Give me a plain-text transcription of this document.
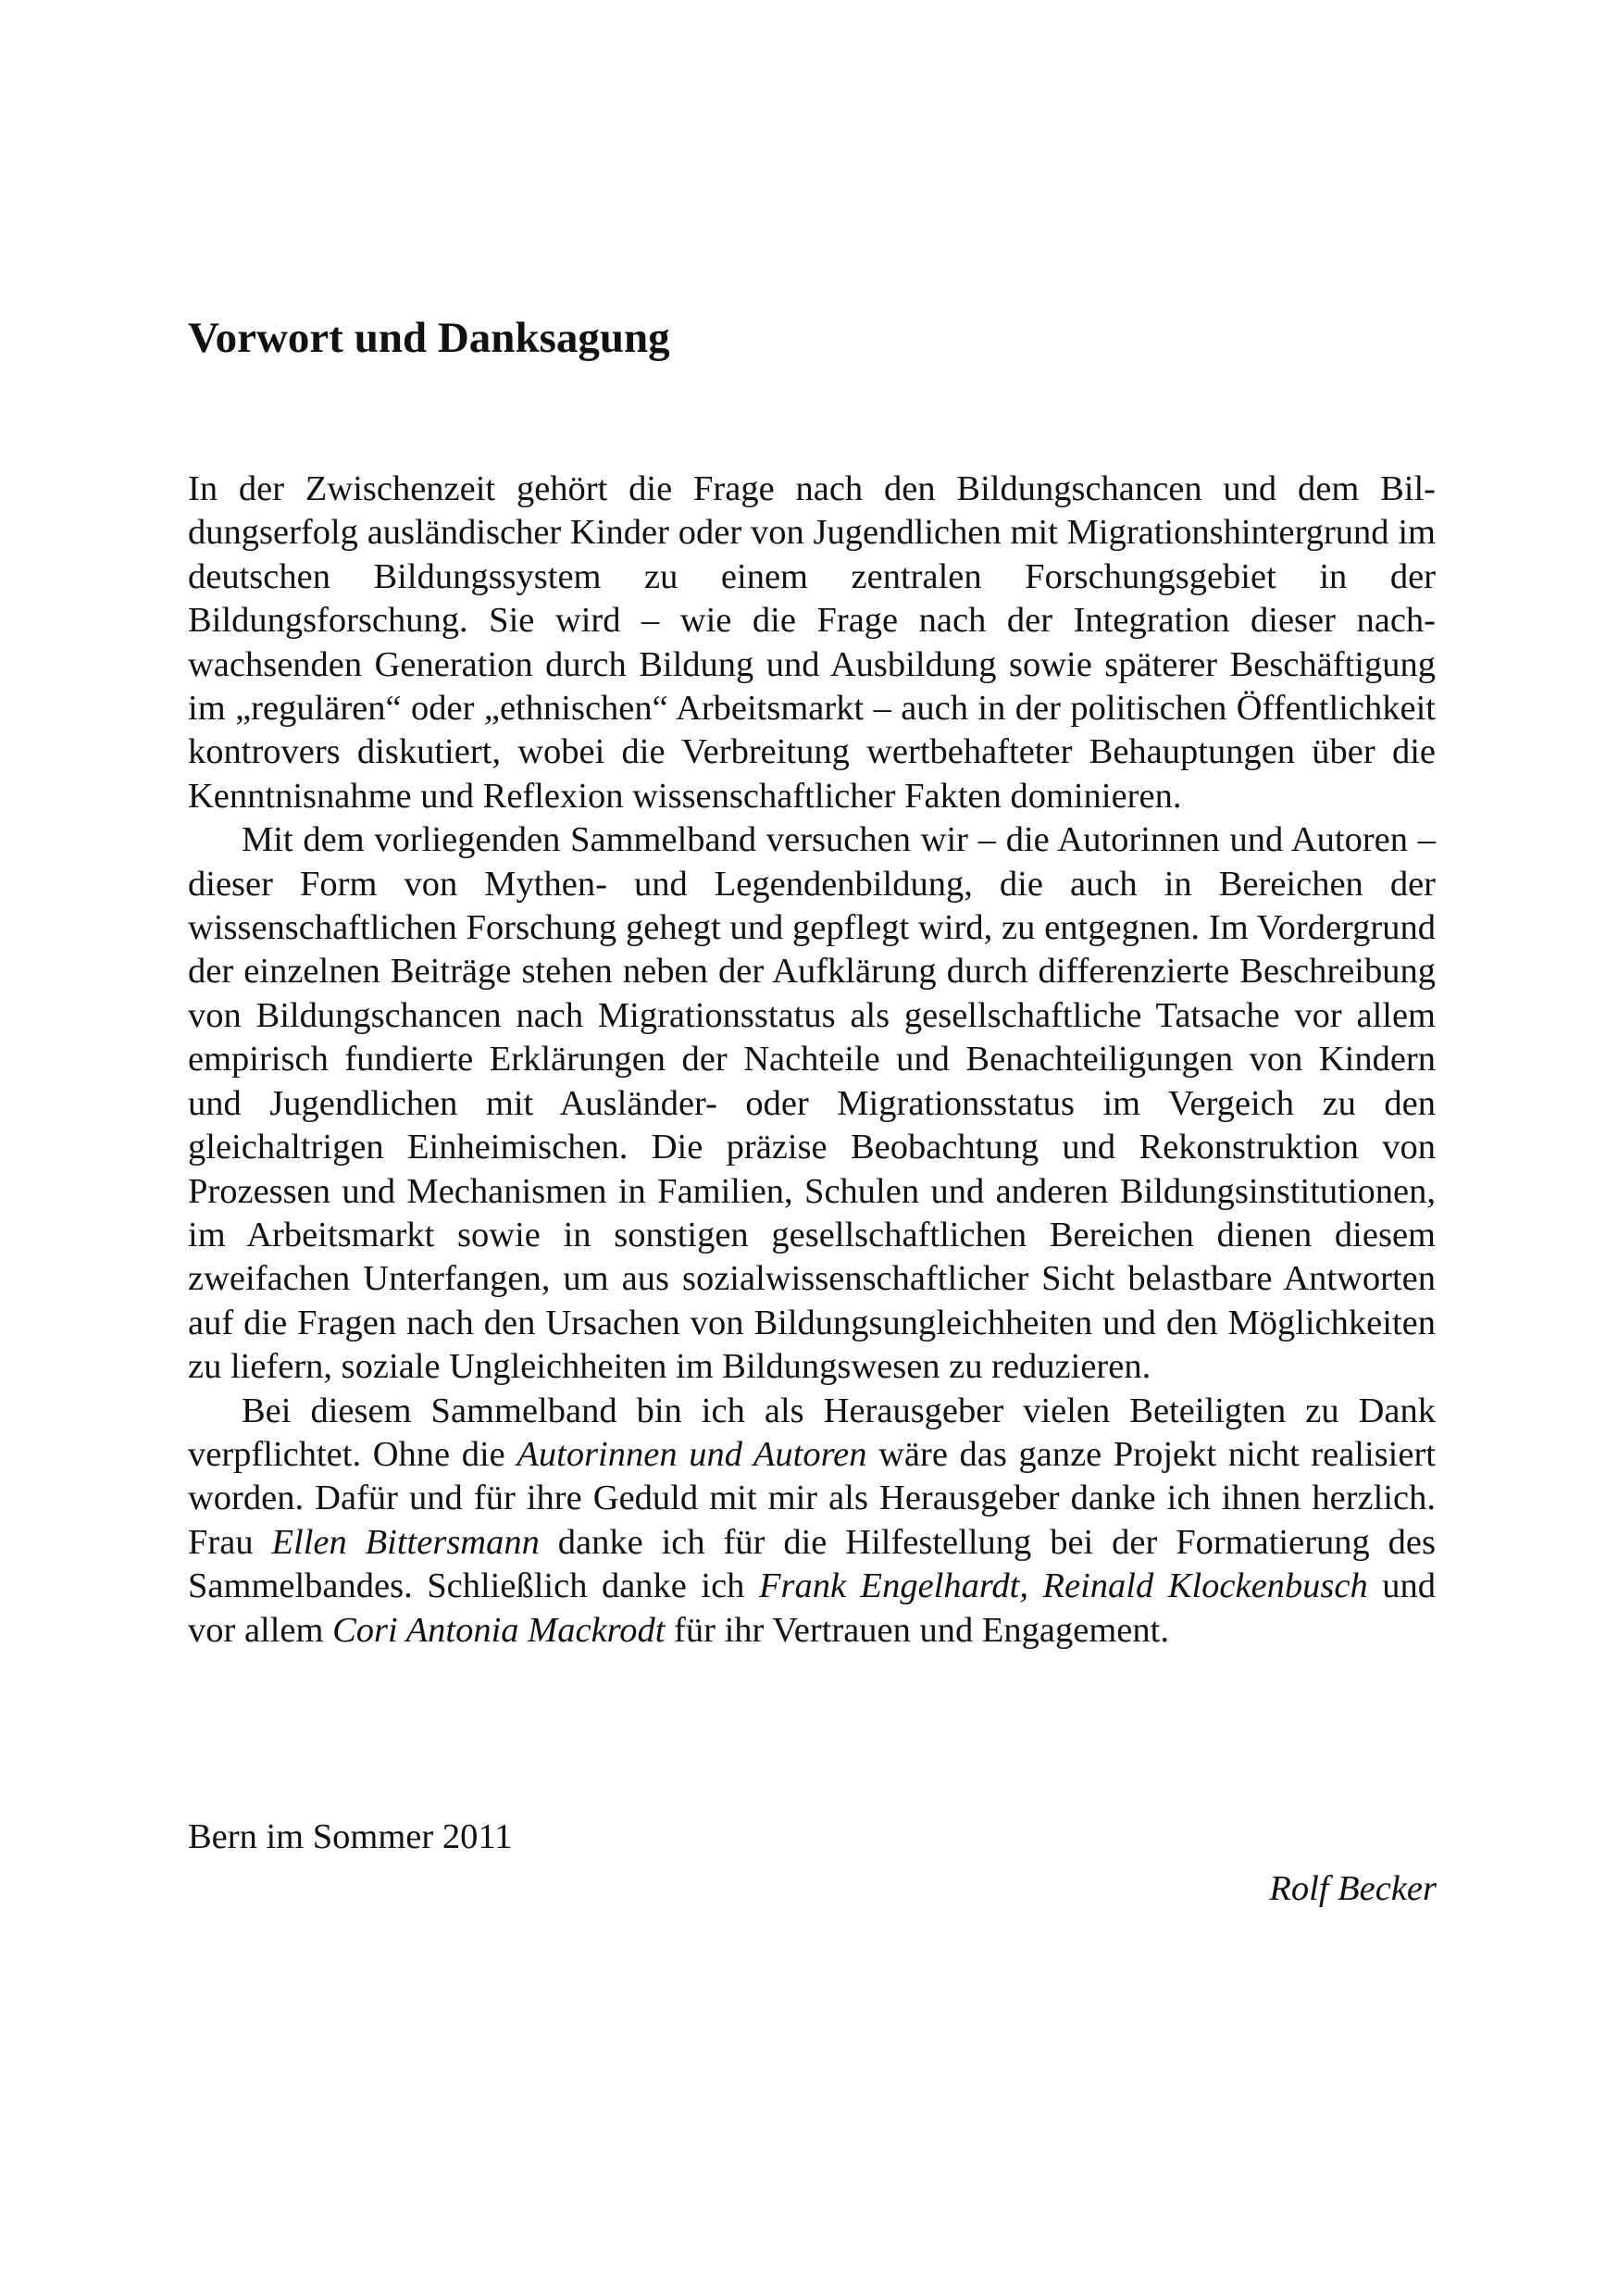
Vorwort und Danksagung

In der Zwischenzeit gehört die Frage nach den Bildungschancen und dem Bildungserfolg ausländischer Kinder oder von Jugendlichen mit Migrationshintergrund im deutschen Bildungssystem zu einem zentralen Forschungsgebiet in der Bildungsforschung. Sie wird – wie die Frage nach der Integration dieser nachwachsenden Generation durch Bildung und Ausbildung sowie späterer Beschäftigung im „regulären“ oder „ethnischen“ Arbeitsmarkt – auch in der politischen Öffentlichkeit kontrovers diskutiert, wobei die Verbreitung wertbehafteter Behauptungen über die Kenntnisnahme und Reflexion wissenschaftlicher Fakten dominieren.

Mit dem vorliegenden Sammelband versuchen wir – die Autorinnen und Autoren – dieser Form von Mythen- und Legendenbildung, die auch in Bereichen der wissenschaftlichen Forschung gehegt und gepflegt wird, zu entgegnen. Im Vordergrund der einzelnen Beiträge stehen neben der Aufklärung durch differenzierte Beschreibung von Bildungschancen nach Migrationsstatus als gesellschaftliche Tatsache vor allem empirisch fundierte Erklärungen der Nachteile und Benachteiligungen von Kindern und Jugendlichen mit Ausländer- oder Migrationsstatus im Vergeich zu den gleichaltrigen Einheimischen. Die präzise Beobachtung und Rekonstruktion von Prozessen und Mechanismen in Familien, Schulen und anderen Bildungsinstitutionen, im Arbeitsmarkt sowie in sonstigen gesellschaftlichen Bereichen dienen diesem zweifachen Unterfangen, um aus sozialwissenschaftlicher Sicht belastbare Antworten auf die Fragen nach den Ursachen von Bildungsungleichheiten und den Möglichkeiten zu liefern, soziale Ungleichheiten im Bildungswesen zu reduzieren.

Bei diesem Sammelband bin ich als Herausgeber vielen Beteiligten zu Dank verpflichtet. Ohne die Autorinnen und Autoren wäre das ganze Projekt nicht realisiert worden. Dafür und für ihre Geduld mit mir als Herausgeber danke ich ihnen herzlich. Frau Ellen Bittersmann danke ich für die Hilfestellung bei der Formatierung des Sammelbandes. Schließlich danke ich Frank Engelhardt, Reinald Klockenbusch und vor allem Cori Antonia Mackrodt für ihr Vertrauen und Engagement.

Bern im Sommer 2011

Rolf Becker
